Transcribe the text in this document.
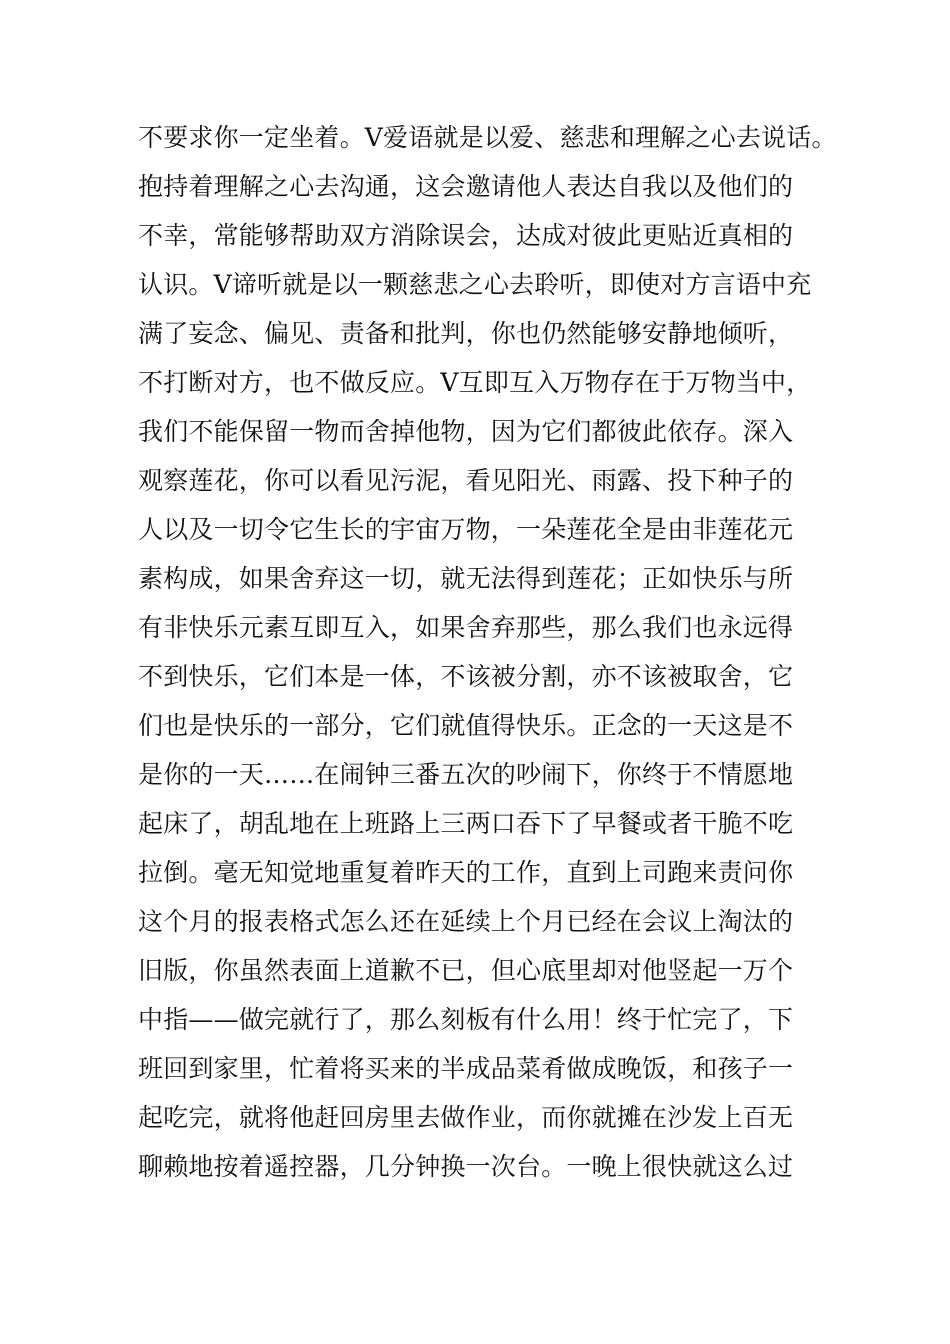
不要求你一定坐着。V爱语就是以爱、慈悲和理解之心去说话。
抱持着理解之心去沟通，这会邀请他人表达自我以及他们的
不幸，常能够帮助双方消除误会，达成对彼此更贴近真相的
认识。V谛听就是以一颗慈悲之心去聆听，即使对方言语中充
满了妄念、偏见、责备和批判，你也仍然能够安静地倾听，
不打断对方，也不做反应。V互即互入万物存在于万物当中，
我们不能保留一物而舍掉他物，因为它们都彼此依存。深入
观察莲花，你可以看见污泥，看见阳光、雨露、投下种子的
人以及一切令它生长的宇宙万物，一朵莲花全是由非莲花元
素构成，如果舍弃这一切，就无法得到莲花；正如快乐与所
有非快乐元素互即互入，如果舍弃那些，那么我们也永远得
不到快乐，它们本是一体，不该被分割，亦不该被取舍，它
们也是快乐的一部分，它们就值得快乐。正念的一天这是不
是你的一天……在闹钟三番五次的吵闹下，你终于不情愿地
起床了，胡乱地在上班路上三两口吞下了早餐或者干脆不吃
拉倒。毫无知觉地重复着昨天的工作，直到上司跑来责问你
这个月的报表格式怎么还在延续上个月已经在会议上淘汰的
旧版，你虽然表面上道歉不已，但心底里却对他竖起一万个
中指——做完就行了，那么刻板有什么用！终于忙完了，下
班回到家里，忙着将买来的半成品菜肴做成晚饭，和孩子一
起吃完，就将他赶回房里去做作业，而你就摊在沙发上百无
聊赖地按着遥控器，几分钟换一次台。一晚上很快就这么过
